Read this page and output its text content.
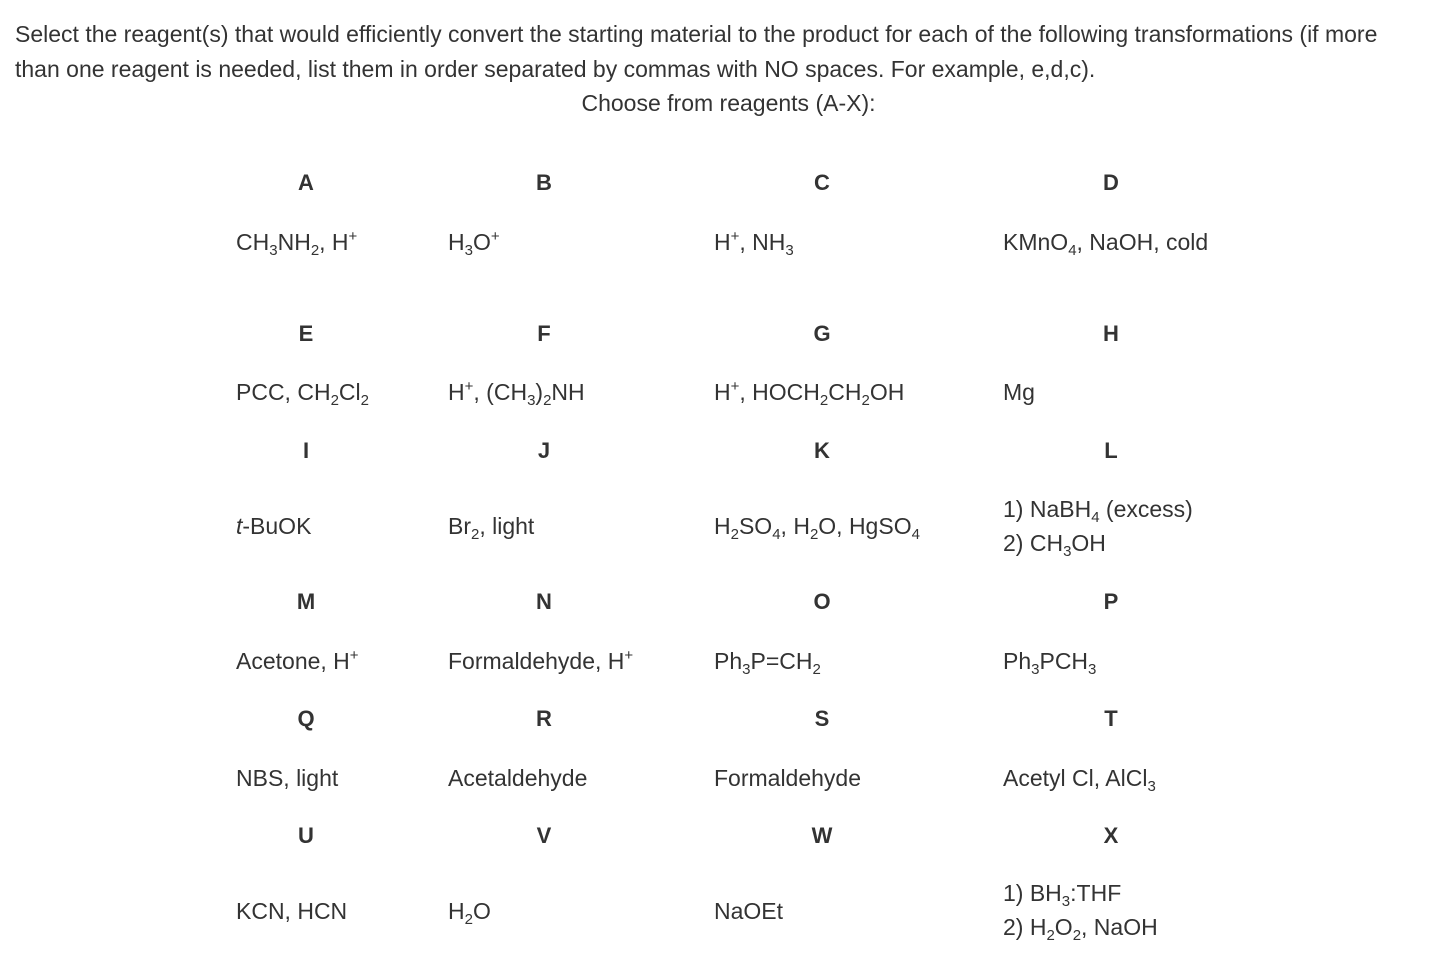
Select the reagent(s) that would efficiently convert the starting material to the product for each of the following transformations (if more than one reagent is needed, list them in order separated by commas with NO spaces. For example, e,d,c).
Choose from reagents (A-X):
A	B	C	D
$CH_3NH_2$, H+	$H_3O^+$	H+, $NH_3$	KMnO$_4$, NaOH, cold
E	F	G	H
PCC, $CH_2Cl_2$	H+, $(CH_3)_2NH$	H+, $HOCH_2CH_2OH$	Mg
I	J	K	L
t-BuOK	$Br_2$, light	$H_2SO_4$, $H_2O$, HgSO$_4$
1) NaBH$_4$ (excess)
2) $CH_3OH$
M	N	O	P
Acetone, H+	Formaldehyde, H+	$Ph_3P=CH_2$	$Ph_3PCH_3$
Q	R	S	T
NBS, light	Acetaldehyde	Formaldehyde	Acetyl Cl, AlCl$_3$
U	V	W	X
KCN, HCN	$H_2O$	NaOEt
1) $BH_3:THF$
2) $H_2O_2$, NaOH
